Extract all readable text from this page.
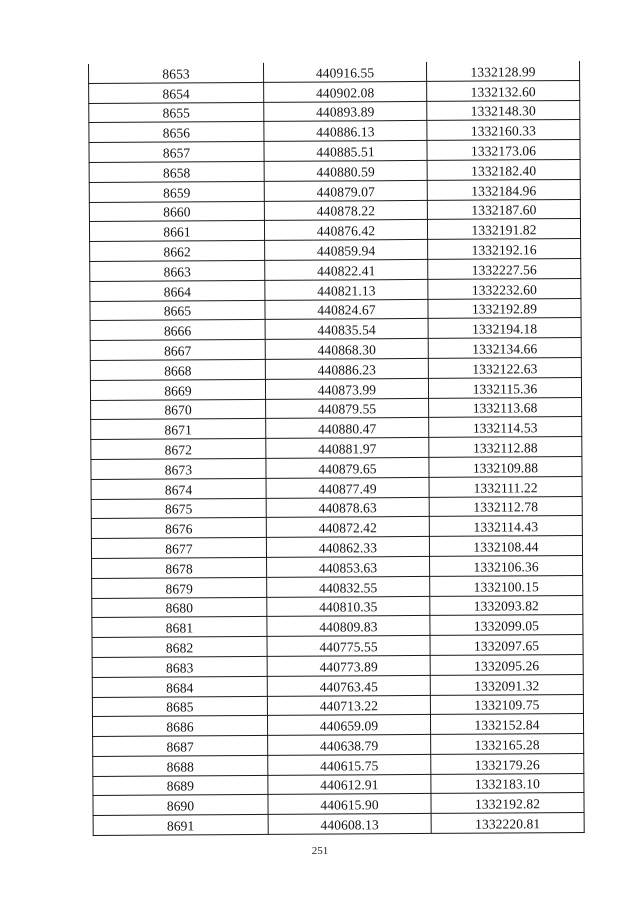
8653	440916.55	1332128.99
8654	440902.08	1332132.60
8655	440893.89	1332148.30
8656	440886.13	1332160.33
8657	440885.51	1332173.06
8658	440880.59	1332182.40
8659	440879.07	1332184.96
8660	440878.22	1332187.60
8661	440876.42	1332191.82
8662	440859.94	1332192.16
8663	440822.41	1332227.56
8664	440821.13	1332232.60
8665	440824.67	1332192.89
8666	440835.54	1332194.18
8667	440868.30	1332134.66
8668	440886.23	1332122.63
8669	440873.99	1332115.36
8670	440879.55	1332113.68
8671	440880.47	1332114.53
8672	440881.97	1332112.88
8673	440879.65	1332109.88
8674	440877.49	1332111.22
8675	440878.63	1332112.78
8676	440872.42	1332114.43
8677	440862.33	1332108.44
8678	440853.63	1332106.36
8679	440832.55	1332100.15
8680	440810.35	1332093.82
8681	440809.83	1332099.05
8682	440775.55	1332097.65
8683	440773.89	1332095.26
8684	440763.45	1332091.32
8685	440713.22	1332109.75
8686	440659.09	1332152.84
8687	440638.79	1332165.28
8688	440615.75	1332179.26
8689	440612.91	1332183.10
8690	440615.90	1332192.82
8691	440608.13	1332220.81
251
